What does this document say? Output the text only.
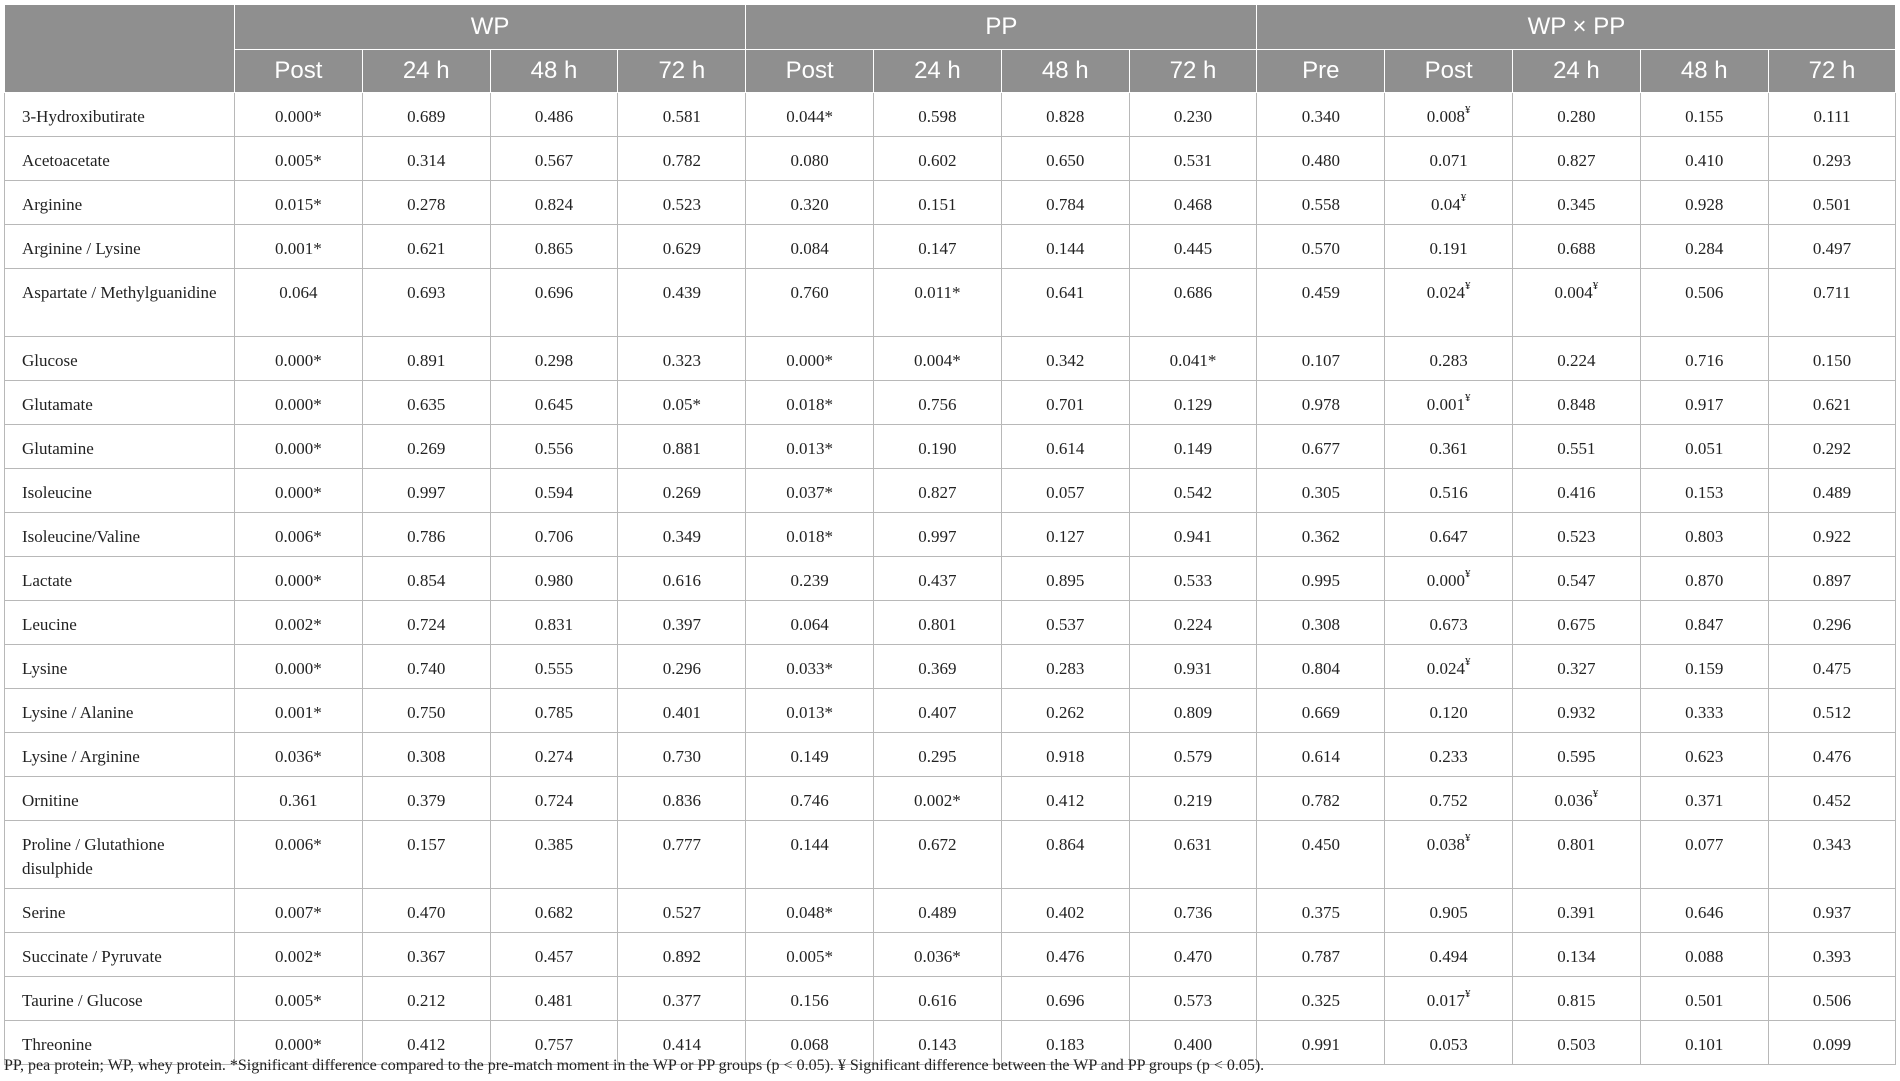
	WP				PP				WP × PP				
	Post	24 h	48 h	72 h	Post	24 h	48 h	72 h	Pre	Post	24 h	48 h	72 h
3-Hydroxibutirate	0.000*	0.689	0.486	0.581	0.044*	0.598	0.828	0.230	0.340	0.008¥	0.280	0.155	0.111
Acetoacetate	0.005*	0.314	0.567	0.782	0.080	0.602	0.650	0.531	0.480	0.071	0.827	0.410	0.293
Arginine	0.015*	0.278	0.824	0.523	0.320	0.151	0.784	0.468	0.558	0.04¥	0.345	0.928	0.501
Arginine / Lysine	0.001*	0.621	0.865	0.629	0.084	0.147	0.144	0.445	0.570	0.191	0.688	0.284	0.497
Aspartate / Methylguanidine	0.064	0.693	0.696	0.439	0.760	0.011*	0.641	0.686	0.459	0.024¥	0.004¥	0.506	0.711
Glucose	0.000*	0.891	0.298	0.323	0.000*	0.004*	0.342	0.041*	0.107	0.283	0.224	0.716	0.150
Glutamate	0.000*	0.635	0.645	0.05*	0.018*	0.756	0.701	0.129	0.978	0.001¥	0.848	0.917	0.621
Glutamine	0.000*	0.269	0.556	0.881	0.013*	0.190	0.614	0.149	0.677	0.361	0.551	0.051	0.292
Isoleucine	0.000*	0.997	0.594	0.269	0.037*	0.827	0.057	0.542	0.305	0.516	0.416	0.153	0.489
Isoleucine/Valine	0.006*	0.786	0.706	0.349	0.018*	0.997	0.127	0.941	0.362	0.647	0.523	0.803	0.922
Lactate	0.000*	0.854	0.980	0.616	0.239	0.437	0.895	0.533	0.995	0.000¥	0.547	0.870	0.897
Leucine	0.002*	0.724	0.831	0.397	0.064	0.801	0.537	0.224	0.308	0.673	0.675	0.847	0.296
Lysine	0.000*	0.740	0.555	0.296	0.033*	0.369	0.283	0.931	0.804	0.024¥	0.327	0.159	0.475
Lysine / Alanine	0.001*	0.750	0.785	0.401	0.013*	0.407	0.262	0.809	0.669	0.120	0.932	0.333	0.512
Lysine / Arginine	0.036*	0.308	0.274	0.730	0.149	0.295	0.918	0.579	0.614	0.233	0.595	0.623	0.476
Ornitine	0.361	0.379	0.724	0.836	0.746	0.002*	0.412	0.219	0.782	0.752	0.036¥	0.371	0.452
Proline / Glutathione disulphide	0.006*	0.157	0.385	0.777	0.144	0.672	0.864	0.631	0.450	0.038¥	0.801	0.077	0.343
Serine	0.007*	0.470	0.682	0.527	0.048*	0.489	0.402	0.736	0.375	0.905	0.391	0.646	0.937
Succinate / Pyruvate	0.002*	0.367	0.457	0.892	0.005*	0.036*	0.476	0.470	0.787	0.494	0.134	0.088	0.393
Taurine / Glucose	0.005*	0.212	0.481	0.377	0.156	0.616	0.696	0.573	0.325	0.017¥	0.815	0.501	0.506
Threonine	0.000*	0.412	0.757	0.414	0.068	0.143	0.183	0.400	0.991	0.053	0.503	0.101	0.099
PP, pea protein; WP, whey protein. *Significant difference compared to the pre-match moment in the WP or PP groups (p < 0.05). ¥ Significant difference between the WP and PP groups (p < 0.05).
